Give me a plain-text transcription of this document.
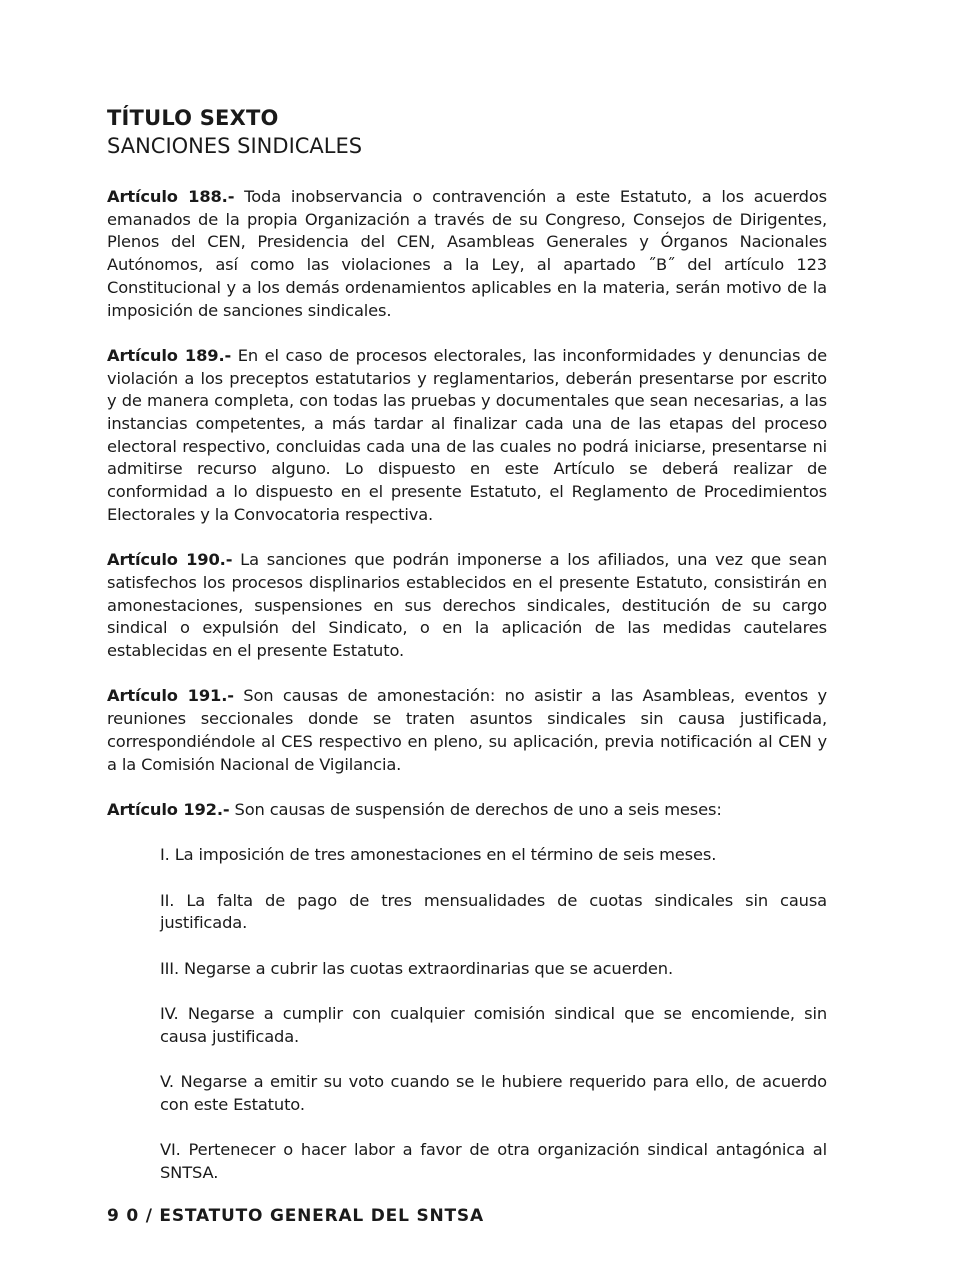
TÍTULO SEXTO
SANCIONES SINDICALES

Artículo 188.- Toda inobservancia o contravención a este Estatuto, a los acuerdos emanados de la propia Organización a través de su Congreso, Consejos de Dirigentes, Plenos del CEN, Presidencia del CEN, Asambleas Generales y Órganos Nacionales Autónomos, así como las violaciones a la Ley, al apartado ˝B˝ del artículo 123 Constitucional y a los demás ordenamientos aplicables en la materia, serán motivo de la imposición de sanciones sindicales.

Artículo 189.- En el caso de procesos electorales, las inconformidades y denuncias de violación a los preceptos estatutarios y reglamentarios, deberán presentarse por escrito y de manera completa, con todas las pruebas y documentales que sean necesarias, a las instancias competentes, a más tardar al finalizar cada una de las etapas del proceso electoral respectivo, concluidas cada una de las cuales no podrá iniciarse, presentarse ni admitirse recurso alguno. Lo dispuesto en este Artículo se deberá realizar de conformidad a lo dispuesto en el presente Estatuto, el Reglamento de Procedimientos Electorales y la Convocatoria respectiva.

Artículo 190.- La sanciones que podrán imponerse a los afiliados, una vez que sean satisfechos los procesos displinarios establecidos en el presente Estatuto, consistirán en amonestaciones, suspensiones en sus derechos sindicales, destitución de su cargo sindical o expulsión del Sindicato, o en la aplicación de las medidas cautelares establecidas en el presente Estatuto.

Artículo 191.- Son causas de amonestación: no asistir a las Asambleas, eventos y reuniones seccionales donde se traten asuntos sindicales sin causa justificada, correspondiéndole al CES respectivo en pleno, su aplicación, previa notificación al CEN y a la Comisión Nacional de Vigilancia.

Artículo 192.- Son causas de suspensión de derechos de uno a seis meses:

I. La imposición de tres amonestaciones en el término de seis meses.

II. La falta de pago de tres mensualidades de cuotas sindicales sin causa justificada.

III. Negarse a cubrir las cuotas extraordinarias que se acuerden.

IV. Negarse a cumplir con cualquier comisión sindical que se encomiende, sin causa justificada.

V. Negarse a emitir su voto cuando se le hubiere requerido para ello, de acuerdo con este Estatuto.

VI. Pertenecer o hacer labor a favor de otra organización sindical antagónica al SNTSA.

9 0 / ESTATUTO GENERAL DEL SNTSA
